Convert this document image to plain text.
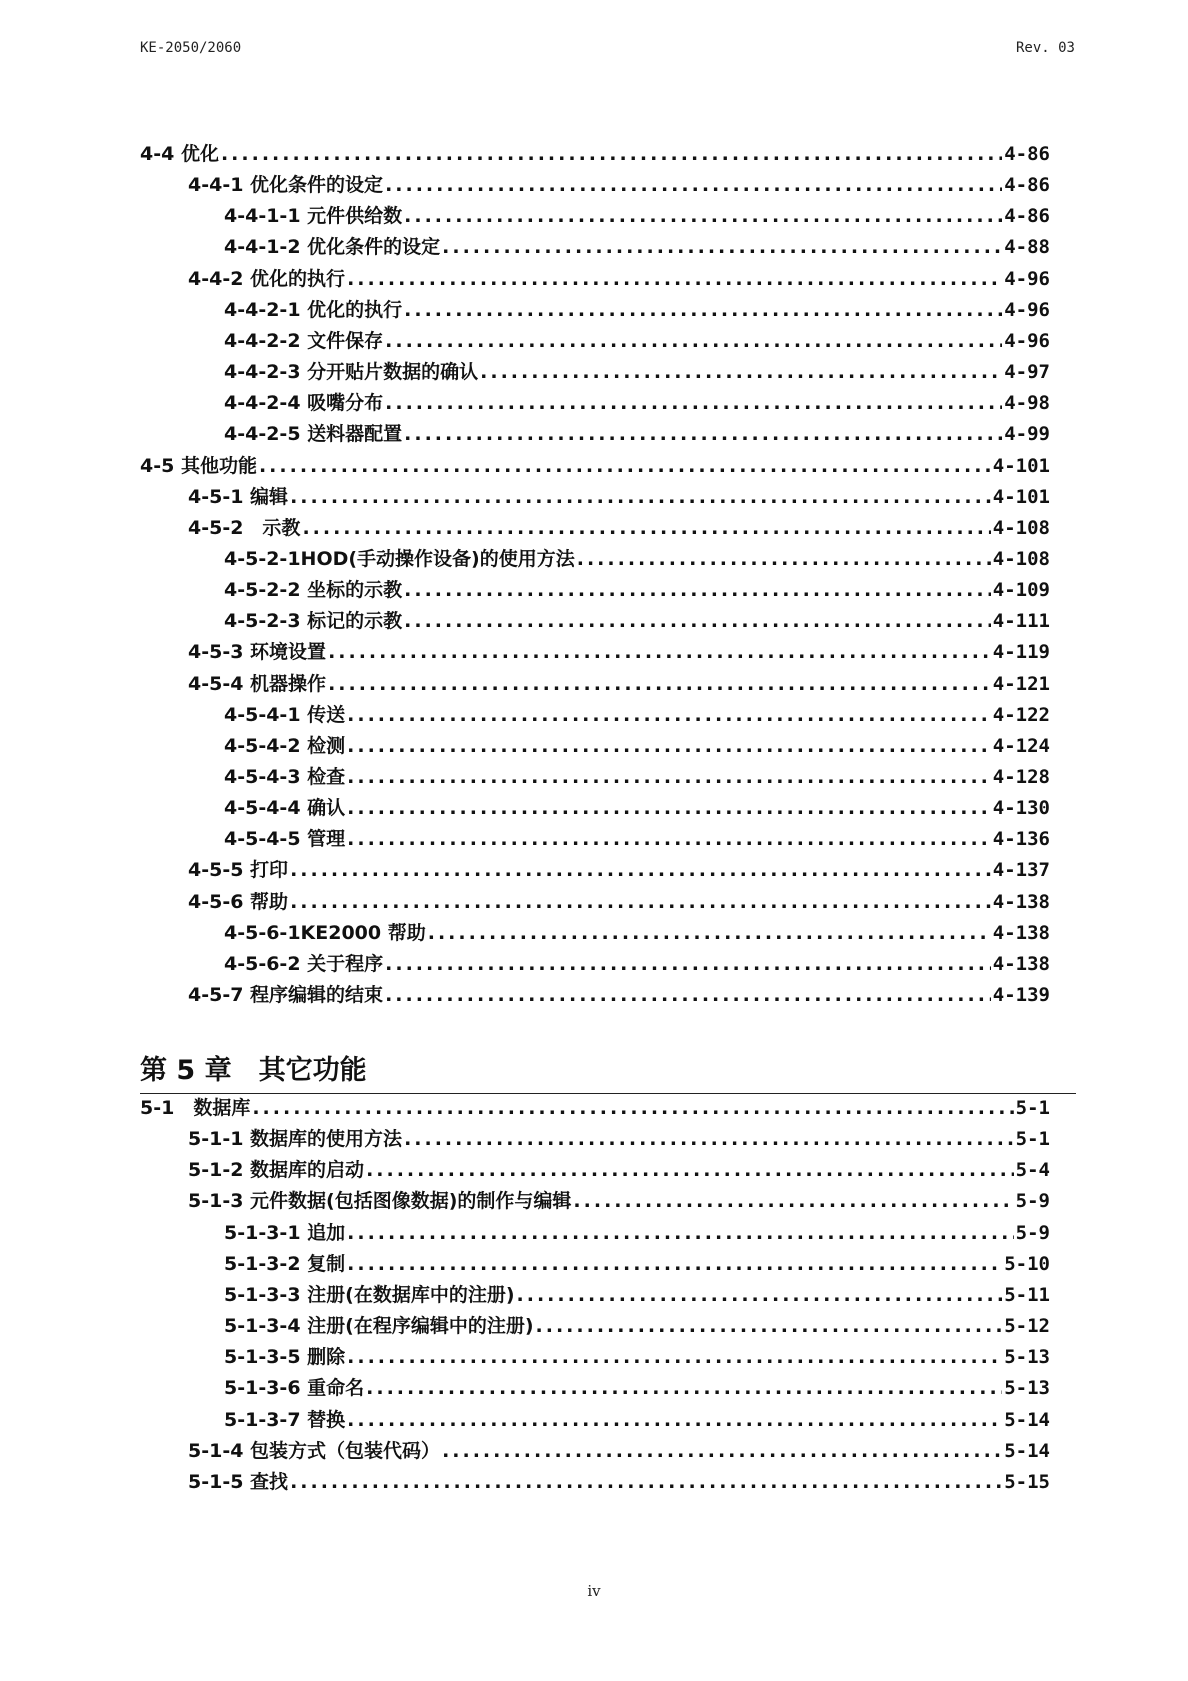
KE-2050/2060	Rev. 03
4-4 优化 .....	4-86
4-4-1 优化条件的设定 .....	4-86
4-4-1-1 元件供给数 .....	4-86
4-4-1-2 优化条件的设定 .....	4-88
4-4-2 优化的执行 .....	4-96
4-4-2-1 优化的执行 .....	4-96
4-4-2-2 文件保存 .....	4-96
4-4-2-3 分开贴片数据的确认 .....	4-97
4-4-2-4 吸嘴分布 .....	4-98
4-4-2-5 送料器配置 .....	4-99
4-5 其他功能 .....	4-101
4-5-1 编辑 .....	4-101
4-5-2　示教 .....	4-108
4-5-2-1HOD(手动操作设备)的使用方法 .....	4-108
4-5-2-2 坐标的示教 .....	4-109
4-5-2-3 标记的示教 .....	4-111
4-5-3 环境设置 .....	4-119
4-5-4 机器操作 .....	4-121
4-5-4-1 传送 .....	4-122
4-5-4-2 检测 .....	4-124
4-5-4-3 检查 .....	4-128
4-5-4-4 确认 .....	4-130
4-5-4-5 管理 .....	4-136
4-5-5 打印 .....	4-137
4-5-6 帮助 .....	4-138
4-5-6-1KE2000 帮助 .....	4-138
4-5-6-2 关于程序 .....	4-138
4-5-7 程序编辑的结束 .....	4-139
5-1　数据库 .....	5-1
5-1-1 数据库的使用方法 .....	5-1
5-1-2 数据库的启动 .....	5-4
5-1-3 元件数据(包括图像数据)的制作与编辑 .....	5-9
5-1-3-1 追加 .....	5-9
5-1-3-2 复制 .....	5-10
5-1-3-3 注册(在数据库中的注册) .....	5-11
5-1-3-4 注册(在程序编辑中的注册) .....	5-12
5-1-3-5 删除 .....	5-13
5-1-3-6 重命名 .....	5-13
5-1-3-7 替换 .....	5-14
5-1-4 包装方式（包装代码） .....	5-14
5-1-5 查找 .....	5-15
第 5 章　其它功能
iv
